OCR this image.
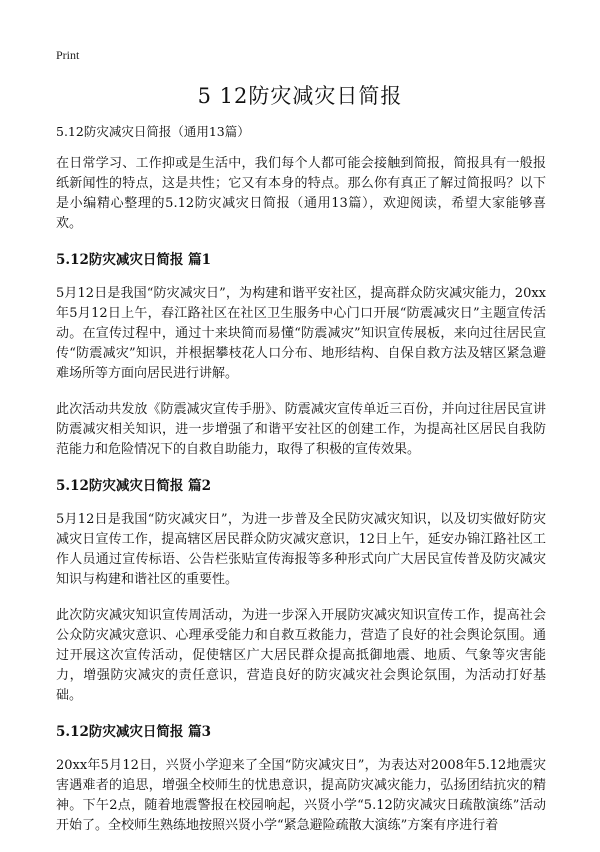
Print
5 12防灾减灾日简报
5.12防灾减灾日简报（通用13篇）

在日常学习、工作抑或是生活中，我们每个人都可能会接触到简报，简报具有一般报纸新闻性的特点，这是共性；它又有本身的特点。那么你有真正了解过简报吗？以下是小编精心整理的5.12防灾减灾日简报（通用13篇），欢迎阅读，希望大家能够喜欢。

5.12防灾减灾日简报 篇1

5月12日是我国“防灾减灾日”，为构建和谐平安社区，提高群众防灾减灾能力，20xx年5月12日上午，春江路社区在社区卫生服务中心门口开展“防震减灾日”主题宣传活动。在宣传过程中，通过十来块简而易懂“防震减灾”知识宣传展板，来向过往居民宣传“防震减灾”知识，并根据攀枝花人口分布、地形结构、自保自救方法及辖区紧急避难场所等方面向居民进行讲解。

此次活动共发放《防震减灾宣传手册》、防震减灾宣传单近三百份，并向过往居民宣讲防震减灾相关知识，进一步增强了和谐平安社区的创建工作，为提高社区居民自我防范能力和危险情况下的自救自助能力，取得了积极的宣传效果。

5.12防灾减灾日简报 篇2

5月12日是我国“防灾减灾日”，为进一步普及全民防灾减灾知识，以及切实做好防灾减灾日宣传工作，提高辖区居民群众防灾减灾意识，12日上午，延安办锦江路社区工作人员通过宣传标语、公告栏张贴宣传海报等多种形式向广大居民宣传普及防灾减灾知识与构建和谐社区的重要性。

此次防灾减灾知识宣传周活动，为进一步深入开展防灾减灾知识宣传工作，提高社会公众防灾减灾意识、心理承受能力和自救互救能力，营造了良好的社会舆论氛围。通过开展这次宣传活动，促使辖区广大居民群众提高抵御地震、地质、气象等灾害能力，增强防灾减灾的责任意识，营造良好的防灾减灾社会舆论氛围，为活动打好基础。

5.12防灾减灾日简报 篇3

20xx年5月12日，兴贤小学迎来了全国“防灾减灾日”，为表达对2008年5.12地震灾害遇难者的追思，增强全校师生的忧患意识，提高防灾减灾能力，弘扬团结抗灾的精神。下午2点，随着地震警报在校园响起，兴贤小学“5.12防灾减灾日疏散演练”活动开始了。全校师生熟练地按照兴贤小学“紧急避险疏散大演练”方案有序进行着
